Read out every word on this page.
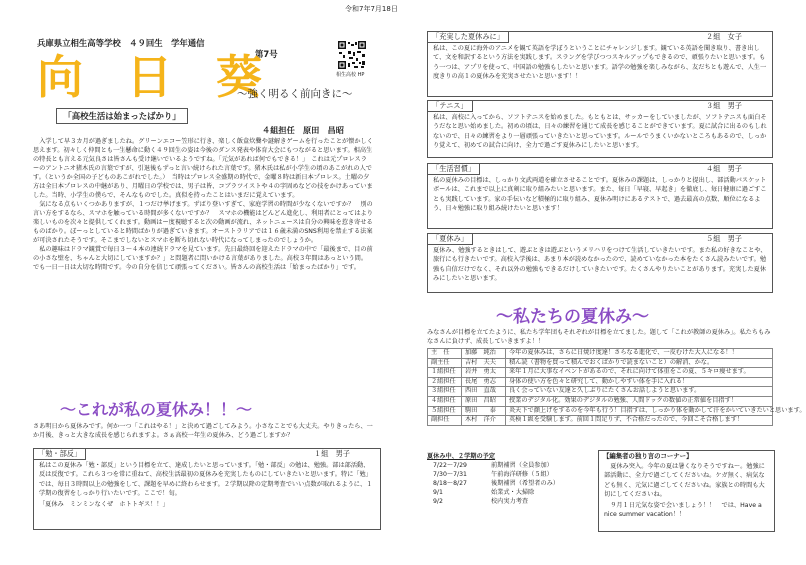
令和7年7月18日
兵庫県立相生高等学校　４９回生　学年通信
第7号
相生高校 HP
向 日 葵
～強く明るく前向きに～
「高校生活は始まったばかり」
４組担任　原田　昌昭

入学して早３カ月が過ぎましたね。グリーンエコー笠形に行き、楽しく飯盒炊爨や謎解きゲームを行ったことが懐かしく思えます。初々しく仲間とも一生懸命に動く４９回生の姿は今後のダンス発表や体育大会にもつながると思います。相高生の特長とも言える元気良さは皆さんも受け継いでいるようですね。「元気があれば何でもできる！」　これは元プロレスラーのアントニオ猪木氏の言葉ですが、引退後もずっと言い続けられた言葉です。猪木氏は私が小学生の頃のあこがれの人です。（というか全国の子どものあこがれでした。）　当時はプロレス全盛期の時代で、金曜８時は新日本プロレス。土曜の夕方は全日本プロレスの中継があり、月曜日の学校では、男子は皆、コブラツイストや４の字固めなどの技をかけあっていました。当時、小学生の僕らで、そんなものでした。真似を持ったことはいまだに覚えています。

気になる点もいくつかありますが、１つだけ挙げます。ずばり登いすぎて、家庭学習の時間が少なくないですか？　別の言い方をするなら、スマホを触っている時間が多くないですか？　スマホの機能はどんどん進化し、利用者にとってはより楽しいものを次々と提供してくれます。動画はー度視聴すると次の動画が流れ、ネットニュースは自分の興味を惹き寄せるものばかり。ぼーっとしていると時間ばかりが過ぎていきます。オーストラリアでは１６歳未満のSNS利用を禁止する法案が可決されたそうです。そこまでしないとスマホを断ち切れない時代になってしまったのでしょうか。

私の趣味はドラマ観賞で毎日３～４本の連続ドラマを見ています。先日最終回を迎えたドラマの中で「最後まで、目の前の小さな壁を、ちゃんと大切にしていますか？」と問題者に問いかける言葉がありました。高校３年間はあっという間。でも一日一日は大切な時間です。今の自分を信じて頑張ってください。皆さんの高校生活は「始まったばかり」です。

～これが私の夏休み！！～
さあ明日から夏休みです。何か一つ「これはやる！」と決めて過ごしてみよう。小さなことでも大丈夫。やりきったら、一か月後、きっと大きな成長を感じられますよ。さぁ高校一年生の夏休み、どう過ごしますか？
「勉・部反」	１組　男子
私はこの夏休み「勉・部反」という目標を立て、達成したいと思っています。「勉・部反」の勉は、勉強。部は部活動、反は反復です。これら３つを常に重ねて、高校生活最初の夏休みを充実したものにしていきたいと思います。特に「勉」では、毎日３時間以上の勉強をして、課題を早めに終わらせます。２学期以降の定期考査でいい点数が取れるように、１学期の復習をしっかり行いたいです。ここで！旬。
「夏休み　ミンミンなくぜ　ホトトギス！！」
「充実した夏休みに」	２組　女子
私は、この夏に海外のアニメを観て英語を学ぼうということにチャレンジします。観ている英語を聞き取り、書き出して、文を和訳するという方法を実践します。スラングを学びつつスキルアップもできるので、頑張りたいと思います。もう一つは、アプリを使って、中国語の勉強もしたいと思います。語学の勉強を楽しみながら、友だちとも遊んで、人生一度きりの高１の夏休みを充実させたいと思います！！
「テニス」	３組　男子
私は、高校に入ってから、ソフトテニスを始めました。もともとは、サッカーをしていましたが、ソフトテニスも面白そうだなと思い始めました。初めの頃は、日々の練習を通じて成長を感じることができています。夏に試合に出るのもしれないので、日々の練習をより一層頑張っていきたいと思っています。ルールでうまくいかないところもあるので、しっかり覚えて、初めての試合に向け、全力で過ごす夏休みにしたいと思います。
「生活習慣」	４組　男子
私の夏休みの目標は、しっかり文武両道を確立させることです。夏休みの課題は、しっかりと提出し、部活動バスケットボールは、これまで以上に真剣に取り組みたいと思います。また、毎日「早寝、早起き」を徹底し、毎日健康に過ごすことも実践しています。家の手伝いなど積極的に取り組み、夏休み明けにあるテストで、過去最高の点数、順位になるよう、日々勉強に取り組み続けたいと思います！
「夏休み」	５組　男子
夏休み、勉強するときはして、遊ぶときは遊ぶというメリハリをつけて生活していきたいです。また私の好きなことや、旅行にも行きたいです。高校入学後は、あまり本が読めなかったので、読めていなかった本をたくさん読みたいです。勉強も自信だけでなく、それ以外の勉強もできるだけしていきたいです。たくさんやりたいことがあります。充実した夏休みにしたいと思います。
～私たちの夏休み～
みなさんが目標を立てたように、私たち学年団もそれぞれが目標を立てました。題して「これが教師の夏休み」。私たちもみなさんに負けず、成長していきますよ！！
主　任	加藤　純治	今年の夏休みは、さらに日焼け度達！さらなる進化で、一皮むけた大人になる！！
副主任	吉村　夫夫	積ん読（書物を買って積んでおくばかりで読まないこと）の解消、かな。
１組担任	岩井　勇太	来年１月に大事なイベントがあるので、それに向けて体重をこの夏、５キロ痩せます。
２組担任	長尾　勇志	身体の使い方を色々と研究して、動かしやすい体を手に入れる！
３組担任	西田　直哉	良く会っていない友達と久しぶりにたくさんお話しようと思います。
４組担任	原田　昌昭	授業のデジタル化。効果のデジタルの勉強、人間ドックの数値の正常値を目指す！
５組担任	駒田　　泰	炎天下で顔上げをするのを今年も行う！目指すは、しっかり体を動かして汗をかいていきたいと思います。
副担任	木村　洋介	英検１級を受験します。前回１問足りず、不合格だったので、今回こそ合格します！
夏休み中、２学期の予定
7/22～7/29	前期補習（全員参加）
7/30～7/31	午前海洋研修（５組）
8/18～8/27	後期補習（希望者のみ）
9/1	始業式・大掃除
9/2	校内実力考査
【編集者の独り言のコーナー】
夏休み突入。今年の夏は暑くなりそうですね～。勉強に部活動に、全力で過ごしてくださいね。ケガ無く、病気なども無く、元気に過ごしてくださいね。家族との時間も大切にしてくださいね。
９月１日元気な姿で会いましょう！！　では、Have a nice summer vacation！！
